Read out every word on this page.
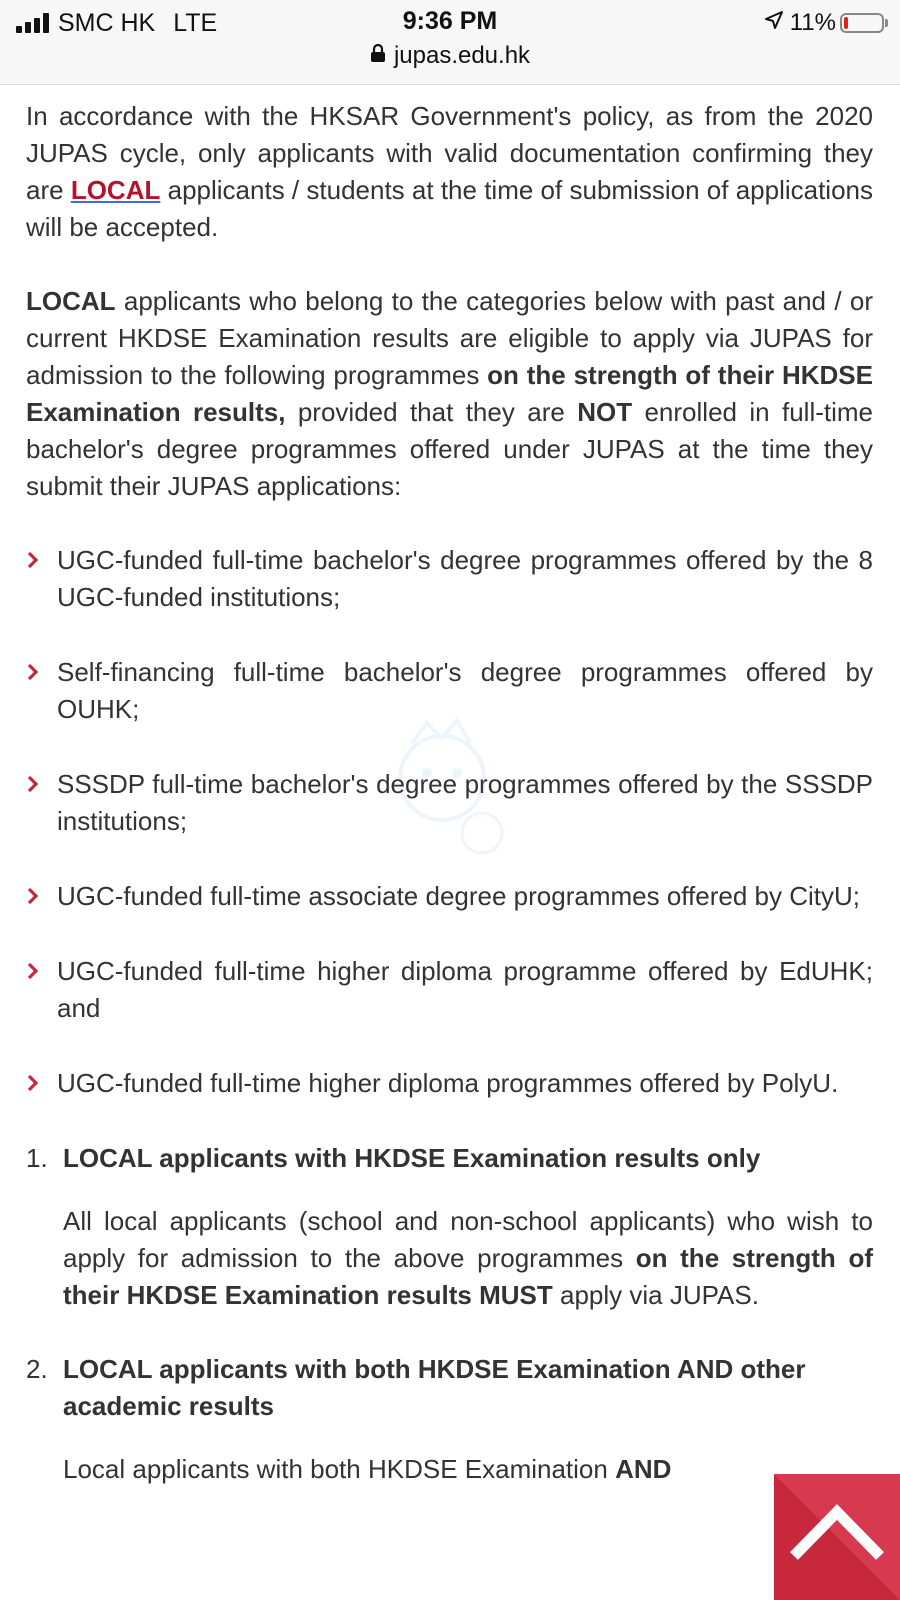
SMC HK LTE	9:36 PM	11%
jupas.edu.hk

In accordance with the HKSAR Government's policy, as from the 2020 JUPAS cycle, only applicants with valid documentation confirming they are LOCAL applicants / students at the time of submission of applications will be accepted.

LOCAL applicants who belong to the categories below with past and / or current HKDSE Examination results are eligible to apply via JUPAS for admission to the following programmes on the strength of their HKDSE Examination results, provided that they are NOT enrolled in full-time bachelor's degree programmes offered under JUPAS at the time they submit their JUPAS applications:

UGC-funded full-time bachelor's degree programmes offered by the 8 UGC-funded institutions;
Self-financing full-time bachelor's degree programmes offered by OUHK;
SSSDP full-time bachelor's degree programmes offered by the SSSDP institutions;
UGC-funded full-time associate degree programmes offered by CityU;
UGC-funded full-time higher diploma programme offered by EdUHK; and
UGC-funded full-time higher diploma programmes offered by PolyU.
1. LOCAL applicants with HKDSE Examination results only
All local applicants (school and non-school applicants) who wish to apply for admission to the above programmes on the strength of their HKDSE Examination results MUST apply via JUPAS.
2. LOCAL applicants with both HKDSE Examination AND other academic results
Local applicants with both HKDSE Examination AND
